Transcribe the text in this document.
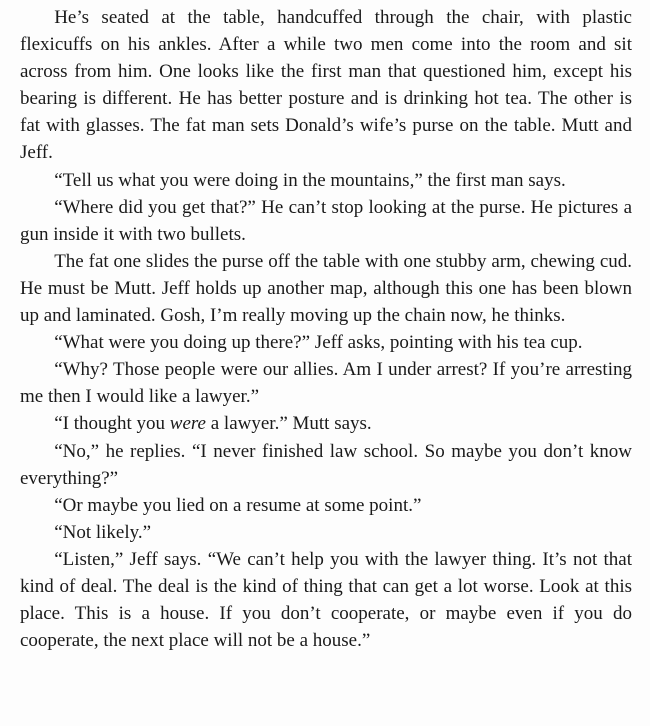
He’s seated at the table, handcuffed through the chair, with plastic flexicuffs on his ankles. After a while two men come into the room and sit across from him. One looks like the first man that questioned him, except his bearing is different. He has better posture and is drinking hot tea. The other is fat with glasses. The fat man sets Donald’s wife’s purse on the table. Mutt and Jeff.

“Tell us what you were doing in the mountains,” the first man says.

“Where did you get that?” He can’t stop looking at the purse. He pictures a gun inside it with two bullets.

The fat one slides the purse off the table with one stubby arm, chewing cud. He must be Mutt. Jeff holds up another map, although this one has been blown up and laminated. Gosh, I’m really moving up the chain now, he thinks.

“What were you doing up there?” Jeff asks, pointing with his tea cup.

“Why? Those people were our allies. Am I under arrest? If you’re arresting me then I would like a lawyer.”

“I thought you were a lawyer.” Mutt says.

“No,” he replies. “I never finished law school. So maybe you don’t know everything?”

“Or maybe you lied on a resume at some point.”

“Not likely.”

“Listen,” Jeff says. “We can’t help you with the lawyer thing. It’s not that kind of deal. The deal is the kind of thing that can get a lot worse. Look at this place. This is a house. If you don’t cooperate, or maybe even if you do cooperate, the next place will not be a house.”
